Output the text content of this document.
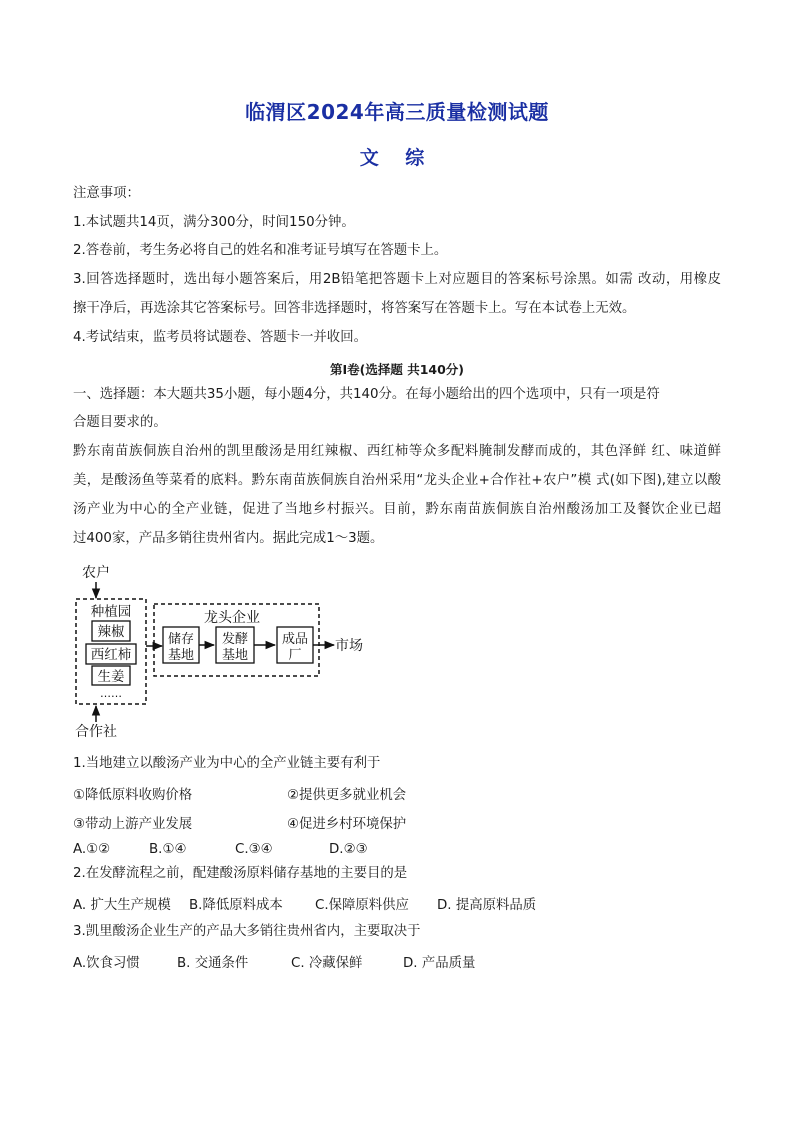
临渭区2024年高三质量检测试题
文 综
注意事项：
1.本试题共14页，满分300分，时间150分钟。
2.答卷前，考生务必将自己的姓名和准考证号填写在答题卡上。
3.回答选择题时，选出每小题答案后，用2B铅笔把答题卡上对应题目的答案标号涂黑。如需 改动，用橡皮
擦干净后，再选涂其它答案标号。回答非选择题时，将答案写在答题卡上。写在本试卷上无效。
4.考试结束，监考员将试题卷、答题卡一并收回。
第Ⅰ卷(选择题 共140分)
一、选择题：本大题共35小题，每小题4分，共140分。在每小题给出的四个选项中，只有一项是符
合题目要求的。
黔东南苗族侗族自治州的凯里酸汤是用红辣椒、西红柿等众多配料腌制发酵而成的，其色泽鲜 红、味道鲜
美，是酸汤鱼等菜肴的底料。黔东南苗族侗族自治州采用“龙头企业+合作社+农户”模 式(如下图),建立以酸
汤产业为中心的全产业链，促进了当地乡村振兴。目前，黔东南苗族侗族自治州酸汤加工及餐饮企业已超
过400家，产品多销往贵州省内。据此完成1～3题。
农户
种植园
辣椒
西红柿
生姜
……
合作社
龙头企业
储存
基地
发酵
基地
成品
厂
市场
1.当地建立以酸汤产业为中心的全产业链主要有利于
①降低原料收购价格	②提供更多就业机会
③带动上游产业发展	④促进乡村环境保护
A.①②	B.①④	C.③④	D.②③
2.在发酵流程之前，配建酸汤原料储存基地的主要目的是
A. 扩大生产规模 B.降低原料成本 C.保障原料供应 D. 提高原料品质
3.凯里酸汤企业生产的产品大多销往贵州省内，主要取决于
A.饮食习惯	B. 交通条件	C. 冷藏保鲜	D. 产品质量
